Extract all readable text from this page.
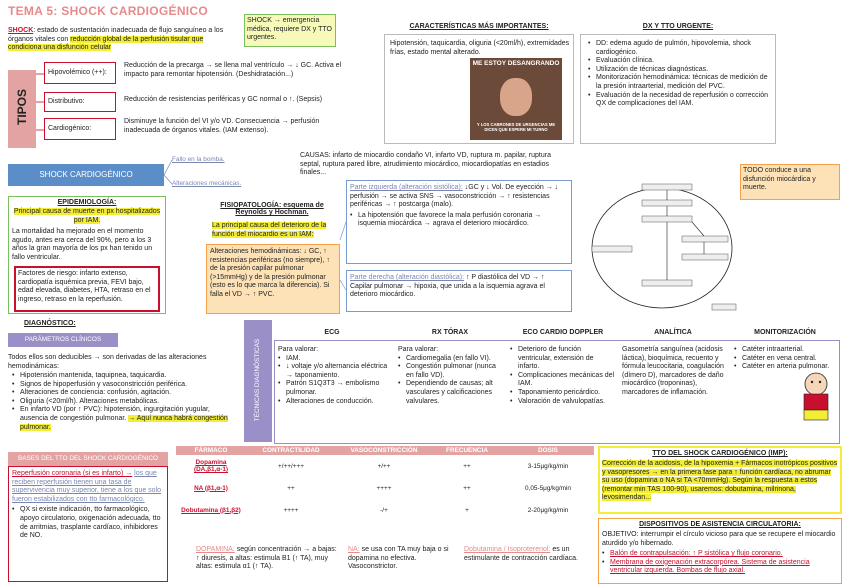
TEMA 5: SHOCK CARDIOGÉNICO
SHOCK: estado de sustentación inadecuada de flujo sanguíneo a los órganos vitales con reducción global de la perfusión tisular que condiciona una disfunción celular
SHOCK → emergencia médica, requiere DX y TTO urgentes.
TIPOS
Hipovolémico (++):
Reducción de la precarga → se llena mal ventrículo → ↓ GC. Activa el impacto para remontar hipotensión. (Deshidratación...)
Distributivo:	Reducción de resistencias periféricas y GC normal o ↑. (Sepsis)
Cardiogénico:
Disminuye la función del VI y/o VD. Consecuencia → perfusión inadecuada de órganos vitales. (IAM extenso).
CARACTERÍSTICAS MÁS IMPORTANTES:
Hipotensión, taquicardia, oliguria (<20ml/h), extremidades frías, estado mental alterado.
ME ESTOY DESANGRANDO
Y LOS CABRONES DE URGENCIAS ME DICEN QUE ESPERE MI TURNO
DX Y TTO URGENTE:
• DD: edema agudo de pulmón, hipovolemia, shock cardiogénico.
• Evaluación clínica.
• Utilización de técnicas diagnósticas.
• Monitorización hemodinámica: técnicas de medición de la presión intraarterial, medición del PVC.
• Evaluación de la necesidad de reperfusión o corrección QX de complicaciones del IAM.
SHOCK CARDIOGÉNICO
Fallo en la bomba.
Alteraciones mecánicas.
CAUSAS: infarto de miocardio condaño VI, infarto VD, ruptura m. papilar, ruptura septal, ruptura pared libre, atrudimiento miocárdico, miocardiopatías en estadios finales...	TODO conduce a una disfunción miocárdica y muerte.
EPIDEMIOLOGÍA:
Principal causa de muerte en px hospitalizados por IAM.
La mortalidad ha mejorado en el momento agudo, antes era cerca del 90%, pero a los 3 años la gran mayoría de los px han tenido un fallo ventricular.
Factores de riesgo: infarto extenso, cardiopatía isquémica previa, FEVI bajo, edad elevada, diabetes, HTA, retraso en el ingreso, retraso en la reperfusión.
FISIOPATOLOGÍA: esquema de Reynolds y Hochman.
La principal causa del deterioro de la función del miocardio es un IAM:
Alteraciones hemodinámicas: ↓ GC, ↑ resistencias periféricas (no siempre), ↑ de la presión capilar pulmonar (>15mmHg) y de la presión pulmonar (esto es lo que marca la diferencia). Si falla el VD → ↑ PVC.
Parte izquierda (alteración sistólica): ↓GC y ↓ Vol. De eyección → ↓ perfusión → se activa SNS → vasoconstricción → ↑ resistencias periféricas → ↑ postcarga (malo).
• La hipotensión que favorece la mala perfusión coronaria → isquemia miocárdica → agrava el deterioro miocárdico.
Parte derecha (alteración diastólica): ↑ P diastólica del VD → ↑ Capilar pulmonar → hipoxia, que unida a la isquemia agrava el deterioro miocárdico.
DIAGNÓSTICO:
PARÁMETROS CLÍNICOS
Todos ellos son deducibles → son derivadas de las alteraciones hemodinámicas:
• Hipotensión mantenida, taquipnea, taquicardia.
• Signos de hipoperfusión y vasoconstricción periférica.
• Alteraciones de conciencia: confusión, agitación.
• Oliguria (<20ml/h). Alteraciones metabólicas.
• En infarto VD (por ↑ PVC): hipotensión, ingurgitación yugular, ausencia de congestión pulmonar. → Aquí nunca habrá congestión pulmonar.
TÉCNICAS DIAGNÓSTICAS
ECG	RX TÓRAX	ECO CARDIO DOPPLER	ANALÍTICA	MONITORIZACIÓN
Para valorar:
• IAM.
• ↓ voltaje y/o alternancia eléctrica → taponamiento.
• Patrón S1Q3T3 → embolismo pulmonar.
• Alteraciones de conducción.
Para valorar:
• Cardiomegalia (en fallo VI).
• Congestión pulmonar (nunca en fallo VD).
• Dependiendo de causas; alt vasculares y calcificaciones valvulares.
• Deterioro de función ventricular, extensión de infarto.
• Complicaciones mecánicas del IAM.
• Taponamiento pericárdico.
• Valoración de valvulopatías.
Gasometría sanguínea (acidosis láctica), bioquímica, recuento y fórmula leucocitaria, coagulación (dímero D), marcadores de daño miocárdico (troponinas), marcadores de inflamación.
• Catéter intraarterial.
• Catéter en vena central.
• Catéter en arteria pulmonar.
BASES DEL TTO DEL SHOCK CARDIOGÉNICO
Reperfusión coronaria (si es infarto) → los que reciben reperfusión tienen una tasa de supervivencia muy superior, tiene a los que solo fueron estabilizados con tto farmacológico.
• QX si existe indicación, tto farmacológico, apoyo circulatorio, oxigenación adecuada, tto de arritmias, trasplante cardíaco, inhibidores de NO.
FÁRMACO	CONTRACTILIDAD	VASOCONSTRICCIÓN	FRECUENCIA	DOSIS
Dopamina (DA,β1,α-1)	+/++/+++	+/++	++	3-15μg/kg/min
NA (β1,α-1)	++	++++	++	0,05-5μg/kg/min
Dobutamina (β1,β2)	++++	-/+	+	2-20μg/kg/min
DOPAMINA: según concentración → a bajas: ↑ diuresis, a altas: estimula B1 (↑ TA), muy altas: estimula α1 (↑ TA).
NA: se usa con TA muy baja o si dopamina no efectiva. Vasoconstrictor.
Dobutamina / Isoproterenol: es un estimulante de contracción cardíaca.
TTO DEL SHOCK CARDIOGÉNICO (IMP):
Corrección de la acidosis, de la hipoxemia + Fármacos inotrópicos positivos y vasopresores → en la primera fase para ↑ función cardíaca, no abrumar su uso (dopamina o NA si TA <70mmHg). Según la respuesta a estos (remontar min TAS 100-90), usaremos: dobutamina, milrinona, levosimendan...
DISPOSITIVOS DE ASISTENCIA CIRCULATORIA:
OBJETIVO: interrumpir el círculo vicioso para que se recupere el miocardio aturdido y/o hibernado.
• Balón de contrapulsación: ↑ P sistólica y flujo coronario.
• Membrana de oxigenación extracorpórea. Sistema de asistencia ventricular izquierda. Bombas de flujo axial.
